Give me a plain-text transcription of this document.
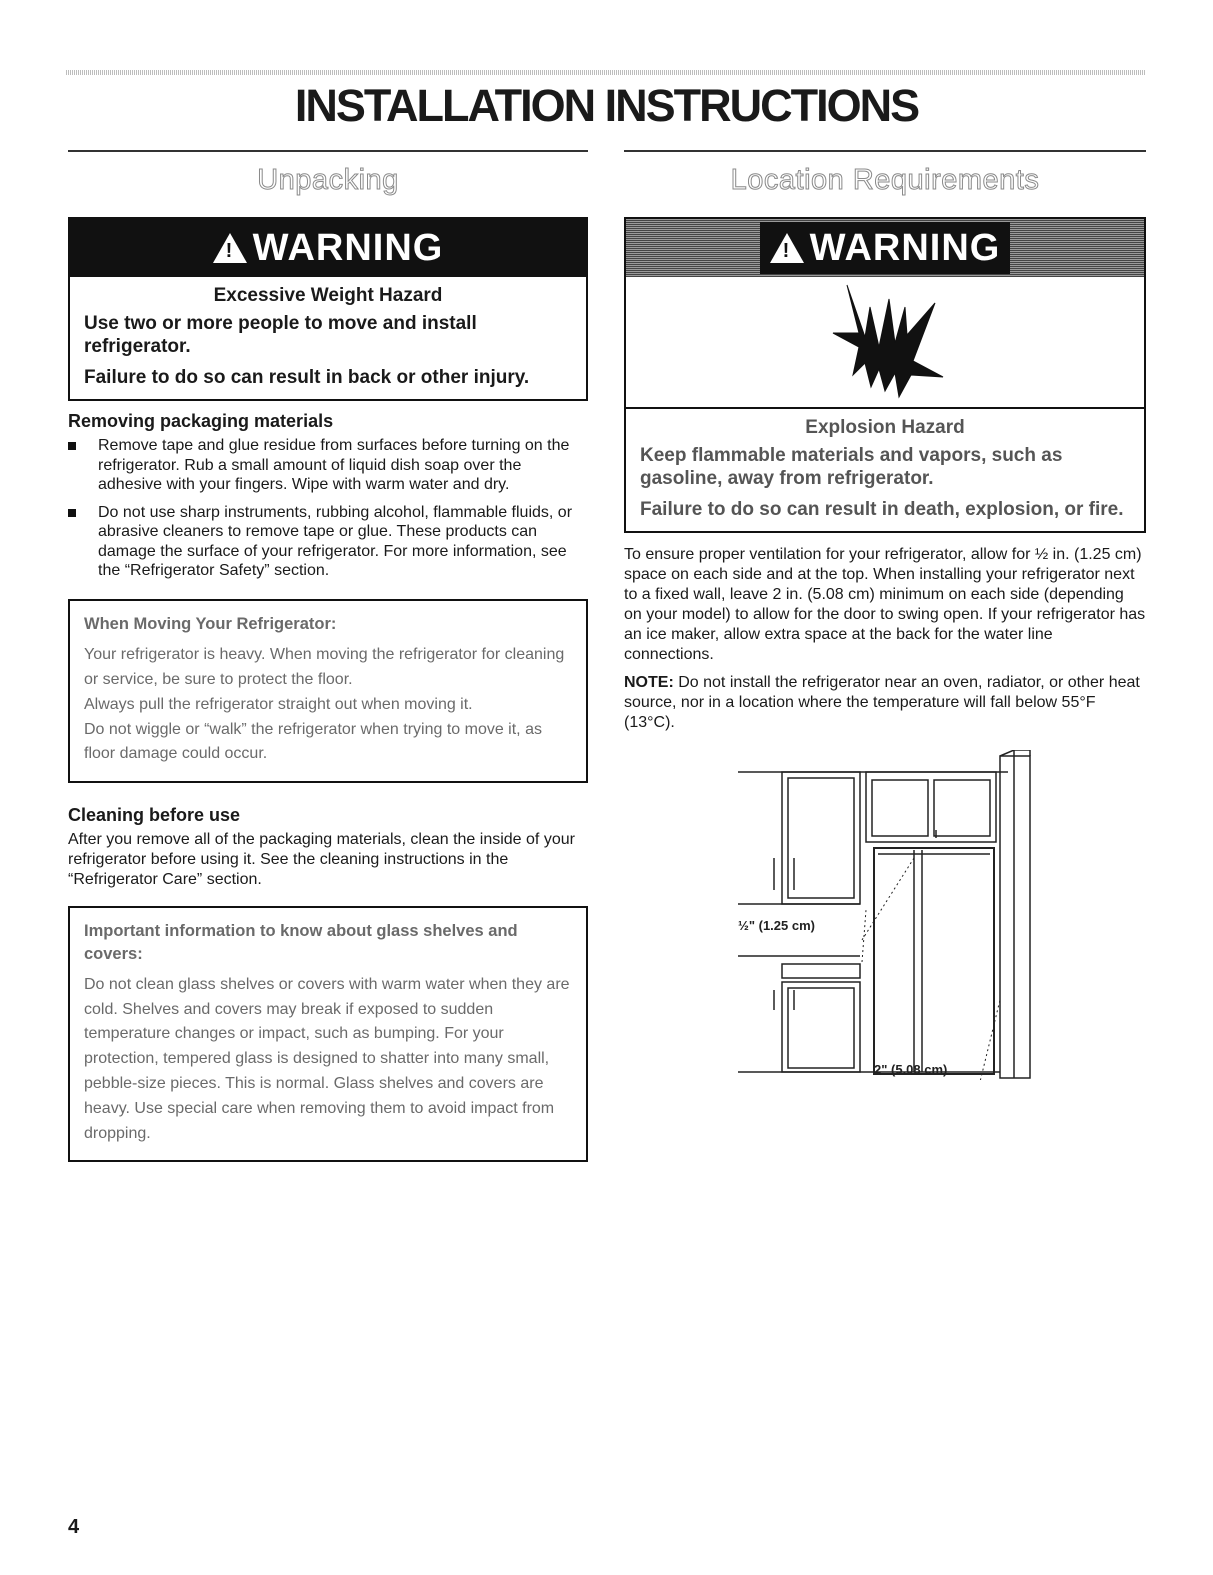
INSTALLATION INSTRUCTIONS
Unpacking
!WARNING

Excessive Weight Hazard

Use two or more people to move and install refrigerator.

Failure to do so can result in back or other injury.

Removing packaging materials

Remove tape and glue residue from surfaces before turning on the refrigerator. Rub a small amount of liquid dish soap over the adhesive with your fingers. Wipe with warm water and dry.
Do not use sharp instruments, rubbing alcohol, flammable fluids, or abrasive cleaners to remove tape or glue. These products can damage the surface of your refrigerator. For more information, see the “Refrigerator Safety” section.

When Moving Your Refrigerator:

Your refrigerator is heavy. When moving the refrigerator for cleaning or service, be sure to protect the floor.

Always pull the refrigerator straight out when moving it.

Do not wiggle or “walk” the refrigerator when trying to move it, as floor damage could occur.

Cleaning before use

After you remove all of the packaging materials, clean the inside of your refrigerator before using it. See the cleaning instructions in the “Refrigerator Care” section.

Important information to know about glass shelves and covers:

Do not clean glass shelves or covers with warm water when they are cold. Shelves and covers may break if exposed to sudden temperature changes or impact, such as bumping. For your protection, tempered glass is designed to shatter into many small, pebble-size pieces. This is normal. Glass shelves and covers are heavy. Use special care when removing them to avoid impact from dropping.

Location Requirements
!WARNING

Explosion Hazard

Keep flammable materials and vapors, such as gasoline, away from refrigerator.

Failure to do so can result in death, explosion, or fire.

To ensure proper ventilation for your refrigerator, allow for ½ in. (1.25 cm) space on each side and at the top. When installing your refrigerator next to a fixed wall, leave 2 in. (5.08 cm) minimum on each side (depending on your model) to allow for the door to swing open. If your refrigerator has an ice maker, allow extra space at the back for the water line connections.

NOTE: Do not install the refrigerator near an oven, radiator, or other heat source, nor in a location where the temperature will fall below 55°F (13°C).

½" (1.25 cm)
2" (5.08 cm)
4
